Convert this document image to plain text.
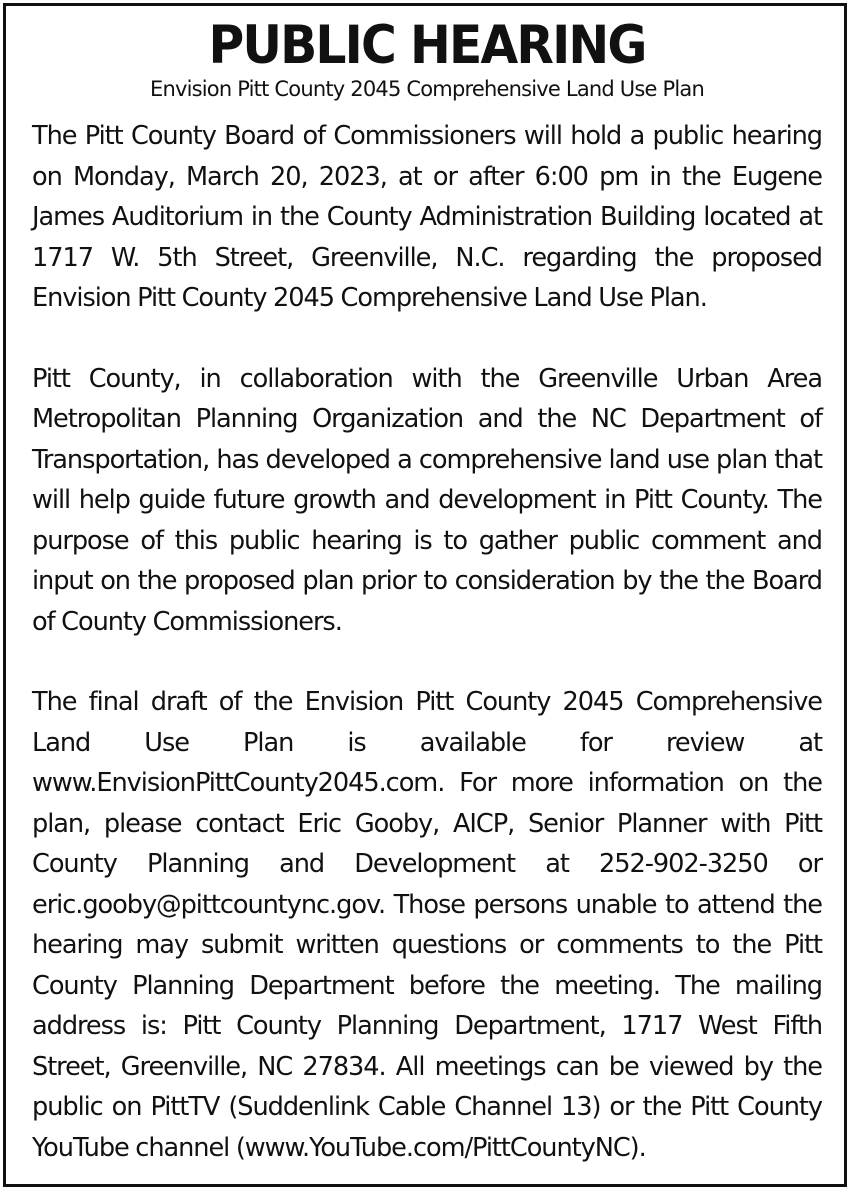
PUBLIC HEARING

Envision Pitt County 2045 Comprehensive Land Use Plan

The Pitt County Board of Commissioners will hold a public hearing on Monday, March 20, 2023, at or after 6:00 pm in the Eugene James Auditorium in the County Administration Building located at 1717 W. 5th Street, Greenville, N.C. regarding the proposed Envision Pitt County 2045 Comprehensive Land Use Plan.

Pitt County, in collaboration with the Greenville Urban Area Metropolitan Planning Organization and the NC Department of Transportation, has developed a comprehensive land use plan that will help guide future growth and development in Pitt County. The purpose of this public hearing is to gather public comment and input on the proposed plan prior to consideration by the the Board of County Commissioners.

The final draft of the Envision Pitt County 2045 Comprehensive Land Use Plan is available for review at www.EnvisionPittCounty2045.com. For more information on the plan, please contact Eric Gooby, AICP, Senior Planner with Pitt County Planning and Development at 252-902-3250 or eric.gooby@pittcountync.gov. Those persons unable to attend the hearing may submit written questions or comments to the Pitt County Planning Department before the meeting. The mailing address is: Pitt County Planning Department, 1717 West Fifth Street, Greenville, NC 27834. All meetings can be viewed by the public on PittTV (Suddenlink Cable Channel 13) or the Pitt County YouTube channel (www.YouTube.com/PittCountyNC).
